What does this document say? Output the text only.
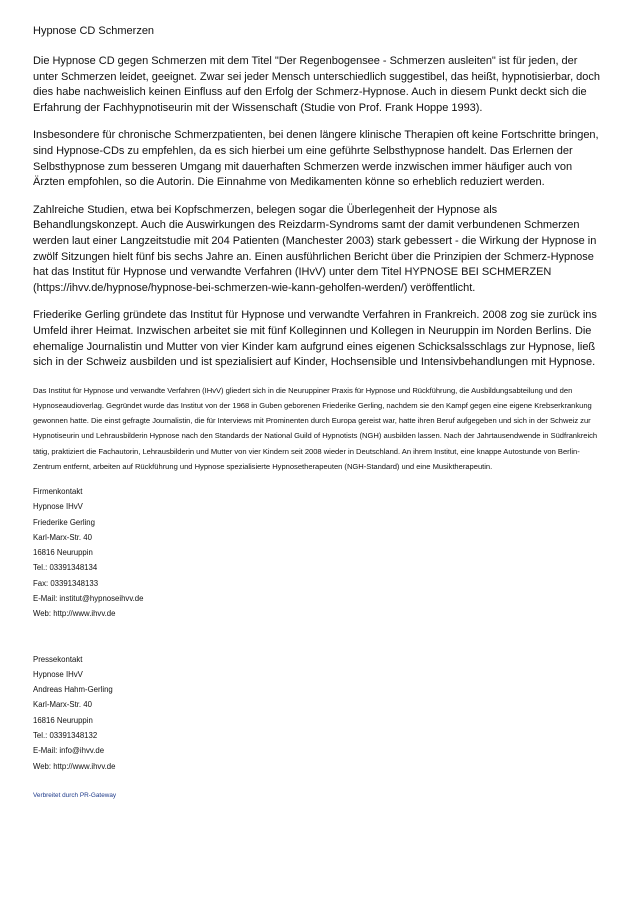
Hypnose CD Schmerzen

Die Hypnose CD gegen Schmerzen mit dem Titel "Der Regenbogensee - Schmerzen ausleiten" ist für jeden, der unter Schmerzen leidet, geeignet. Zwar sei jeder Mensch unterschiedlich suggestibel, das heißt, hypnotisierbar, doch dies habe nachweislich keinen Einfluss auf den Erfolg der Schmerz-Hypnose. Auch in diesem Punkt deckt sich die Erfahrung der Fachhypnotiseurin mit der Wissenschaft (Studie von Prof. Frank Hoppe 1993).

Insbesondere für chronische Schmerzpatienten, bei denen längere klinische Therapien oft keine Fortschritte bringen, sind Hypnose-CDs zu empfehlen, da es sich hierbei um eine geführte Selbsthypnose handelt. Das Erlernen der Selbsthypnose zum besseren Umgang mit dauerhaften Schmerzen werde inzwischen immer häufiger auch von Ärzten empfohlen, so die Autorin. Die Einnahme von Medikamenten könne so erheblich reduziert werden.

Zahlreiche Studien, etwa bei Kopfschmerzen, belegen sogar die Überlegenheit der Hypnose als Behandlungskonzept. Auch die Auswirkungen des Reizdarm-Syndroms samt der damit verbundenen Schmerzen werden laut einer Langzeitstudie mit 204 Patienten (Manchester 2003) stark gebessert - die Wirkung der Hypnose in zwölf Sitzungen hielt fünf bis sechs Jahre an. Einen ausführlichen Bericht über die Prinzipien der Schmerz-Hypnose hat das Institut für Hypnose und verwandte Verfahren (IHvV) unter dem Titel HYPNOSE BEI SCHMERZEN (https://ihvv.de/hypnose/hypnose-bei-schmerzen-wie-kann-geholfen-werden/) veröffentlicht.

Friederike Gerling gründete das Institut für Hypnose und verwandte Verfahren in Frankreich. 2008 zog sie zurück ins Umfeld ihrer Heimat. Inzwischen arbeitet sie mit fünf Kolleginnen und Kollegen in Neuruppin im Norden Berlins. Die ehemalige Journalistin und Mutter von vier Kinder kam aufgrund eines eigenen Schicksalsschlags zur Hypnose, ließ sich in der Schweiz ausbilden und ist spezialisiert auf Kinder, Hochsensible und Intensivbehandlungen mit Hypnose.

Das Institut für Hypnose und verwandte Verfahren (IHvV) gliedert sich in die Neuruppiner Praxis für Hypnose und Rückführung, die Ausbildungsabteilung und den Hypnoseaudioverlag. Gegründet wurde das Institut von der 1968 in Guben geborenen Friederike Gerling, nachdem sie den Kampf gegen eine eigene Krebserkrankung gewonnen hatte. Die einst gefragte Journalistin, die für Interviews mit Prominenten durch Europa gereist war, hatte ihren Beruf aufgegeben und sich in der Schweiz zur Hypnotiseurin und Lehrausbilderin Hypnose nach den Standards der National Guild of Hypnotists (NGH) ausbilden lassen. Nach der Jahrtausendwende in Südfrankreich tätig, praktiziert die Fachautorin, Lehrausbilderin und Mutter von vier Kindern seit 2008 wieder in Deutschland. An ihrem Institut, eine knappe Autostunde von Berlin-Zentrum entfernt, arbeiten auf Rückführung und Hypnose spezialisierte Hypnosetherapeuten (NGH-Standard) und eine Musiktherapeutin.

Firmenkontakt
Hypnose IHvV
Friederike Gerling
Karl-Marx-Str. 40
16816 Neuruppin
Tel.: 03391348134
Fax: 03391348133
E-Mail: institut@hypnoseihvv.de
Web: http://www.ihvv.de
Pressekontakt
Hypnose IHvV
Andreas Hahm-Gerling
Karl-Marx-Str. 40
16816 Neuruppin
Tel.: 03391348132
E-Mail: info@ihvv.de
Web: http://www.ihvv.de
Verbreitet durch PR-Gateway
